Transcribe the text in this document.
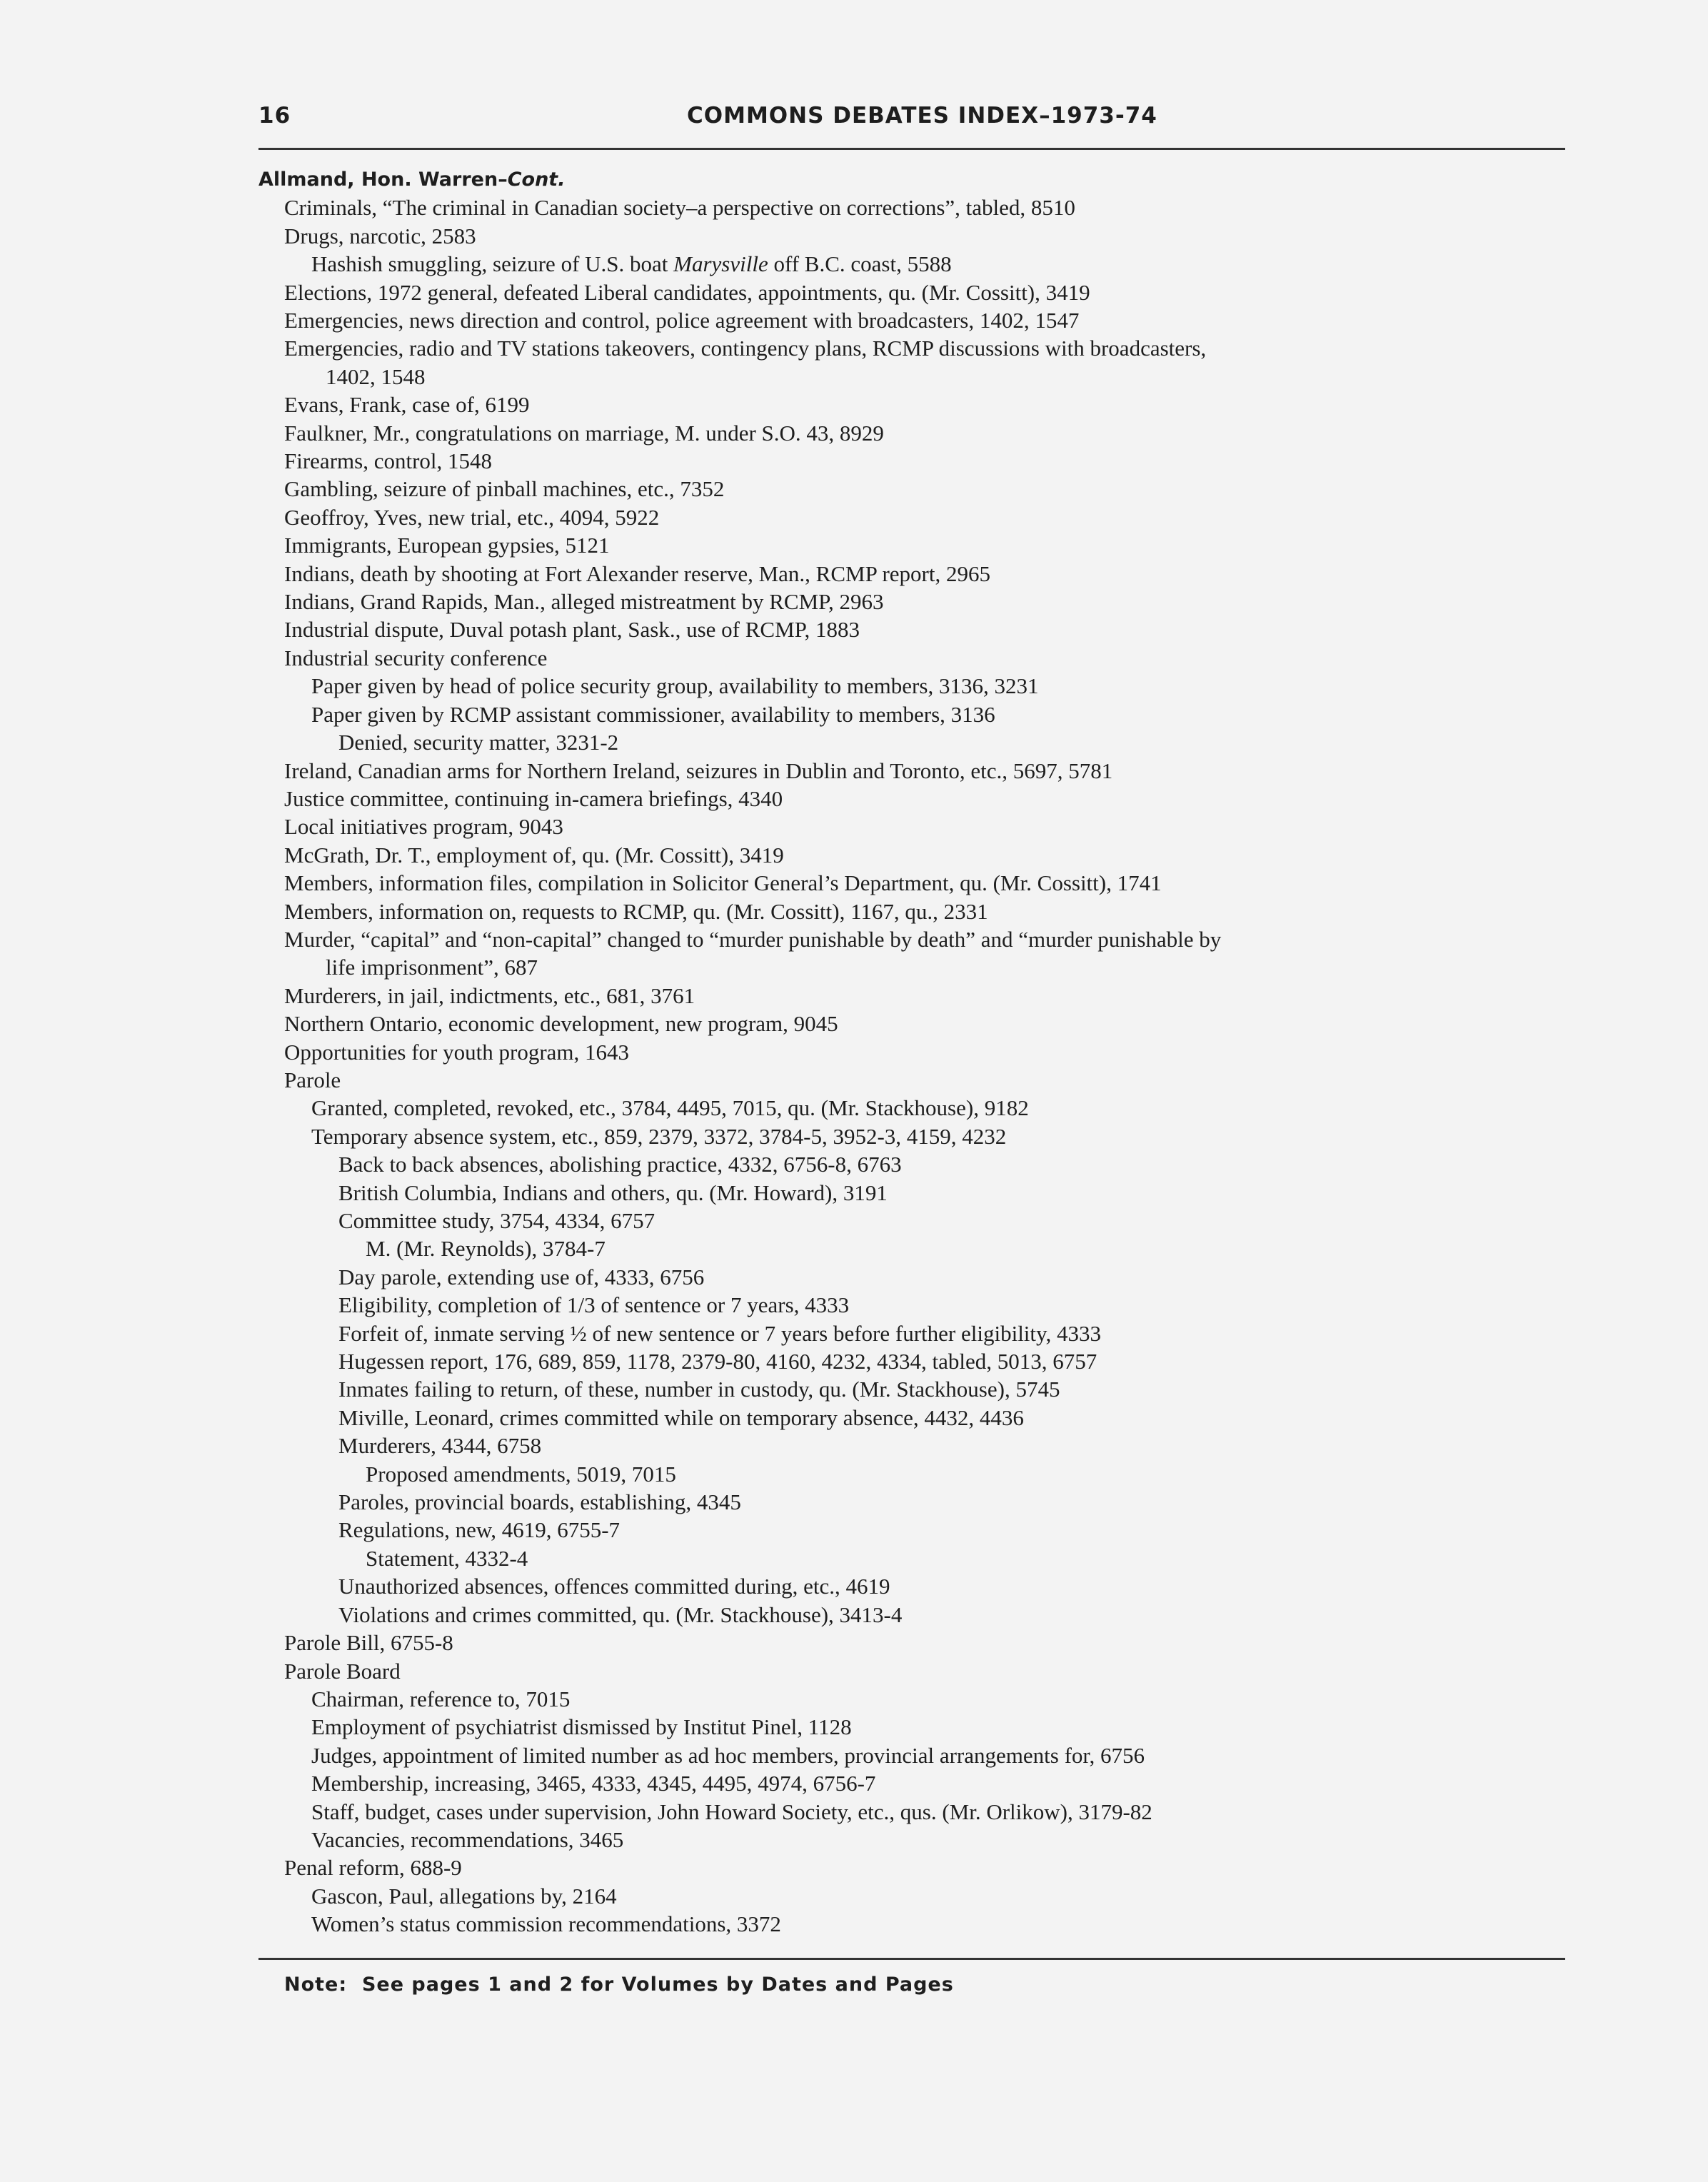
16	COMMONS DEBATES INDEX–1973-74
Allmand, Hon. Warren–Cont.
Criminals, “The criminal in Canadian society–a perspective on corrections”, tabled, 8510
Drugs, narcotic, 2583
Hashish smuggling, seizure of U.S. boat Marysville off B.C. coast, 5588
Elections, 1972 general, defeated Liberal candidates, appointments, qu. (Mr. Cossitt), 3419
Emergencies, news direction and control, police agreement with broadcasters, 1402, 1547
Emergencies, radio and TV stations takeovers, contingency plans, RCMP discussions with broadcasters,
1402, 1548
Evans, Frank, case of, 6199
Faulkner, Mr., congratulations on marriage, M. under S.O. 43, 8929
Firearms, control, 1548
Gambling, seizure of pinball machines, etc., 7352
Geoffroy, Yves, new trial, etc., 4094, 5922
Immigrants, European gypsies, 5121
Indians, death by shooting at Fort Alexander reserve, Man., RCMP report, 2965
Indians, Grand Rapids, Man., alleged mistreatment by RCMP, 2963
Industrial dispute, Duval potash plant, Sask., use of RCMP, 1883
Industrial security conference
Paper given by head of police security group, availability to members, 3136, 3231
Paper given by RCMP assistant commissioner, availability to members, 3136
Denied, security matter, 3231-2
Ireland, Canadian arms for Northern Ireland, seizures in Dublin and Toronto, etc., 5697, 5781
Justice committee, continuing in-camera briefings, 4340
Local initiatives program, 9043
McGrath, Dr. T., employment of, qu. (Mr. Cossitt), 3419
Members, information files, compilation in Solicitor General’s Department, qu. (Mr. Cossitt), 1741
Members, information on, requests to RCMP, qu. (Mr. Cossitt), 1167, qu., 2331
Murder, “capital” and “non-capital” changed to “murder punishable by death” and “murder punishable by
life imprisonment”, 687
Murderers, in jail, indictments, etc., 681, 3761
Northern Ontario, economic development, new program, 9045
Opportunities for youth program, 1643
Parole
Granted, completed, revoked, etc., 3784, 4495, 7015, qu. (Mr. Stackhouse), 9182
Temporary absence system, etc., 859, 2379, 3372, 3784-5, 3952-3, 4159, 4232
Back to back absences, abolishing practice, 4332, 6756-8, 6763
British Columbia, Indians and others, qu. (Mr. Howard), 3191
Committee study, 3754, 4334, 6757
M. (Mr. Reynolds), 3784-7
Day parole, extending use of, 4333, 6756
Eligibility, completion of 1/3 of sentence or 7 years, 4333
Forfeit of, inmate serving ½ of new sentence or 7 years before further eligibility, 4333
Hugessen report, 176, 689, 859, 1178, 2379-80, 4160, 4232, 4334, tabled, 5013, 6757
Inmates failing to return, of these, number in custody, qu. (Mr. Stackhouse), 5745
Miville, Leonard, crimes committed while on temporary absence, 4432, 4436
Murderers, 4344, 6758
Proposed amendments, 5019, 7015
Paroles, provincial boards, establishing, 4345
Regulations, new, 4619, 6755-7
Statement, 4332-4
Unauthorized absences, offences committed during, etc., 4619
Violations and crimes committed, qu. (Mr. Stackhouse), 3413-4
Parole Bill, 6755-8
Parole Board
Chairman, reference to, 7015
Employment of psychiatrist dismissed by Institut Pinel, 1128
Judges, appointment of limited number as ad hoc members, provincial arrangements for, 6756
Membership, increasing, 3465, 4333, 4345, 4495, 4974, 6756-7
Staff, budget, cases under supervision, John Howard Society, etc., qus. (Mr. Orlikow), 3179-82
Vacancies, recommendations, 3465
Penal reform, 688-9
Gascon, Paul, allegations by, 2164
Women’s status commission recommendations, 3372
Note:  See pages 1 and 2 for Volumes by Dates and Pages
